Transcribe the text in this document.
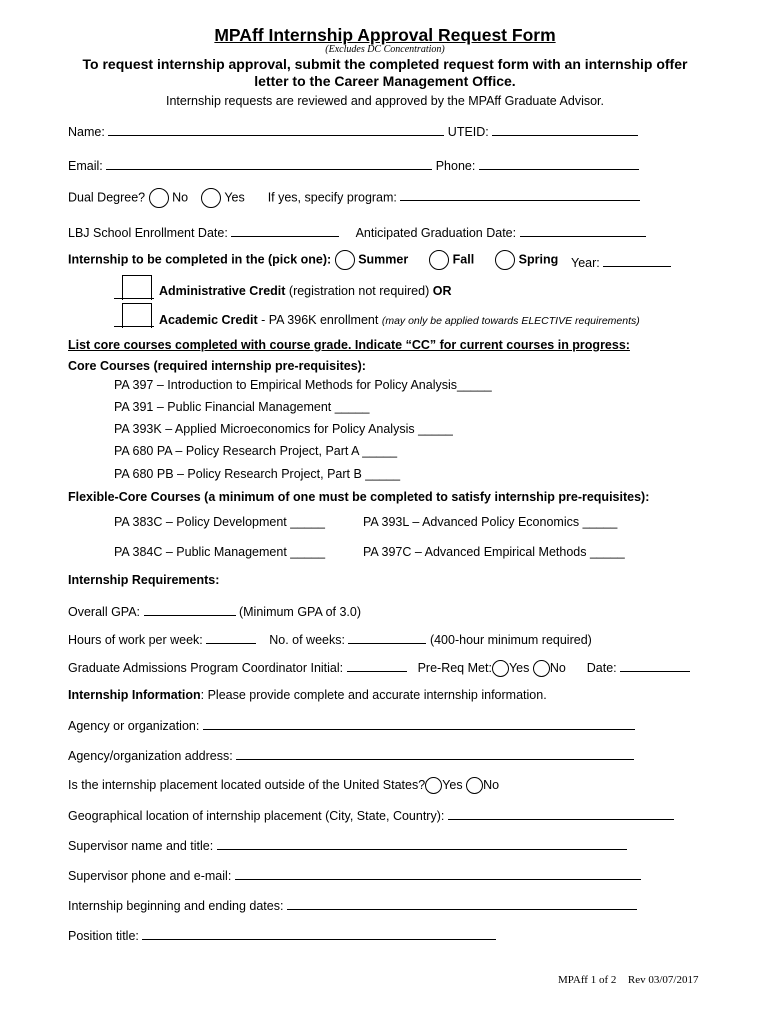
MPAff Internship Approval Request Form
(Excludes DC Concentration)
To request internship approval, submit the completed request form with an internship offer
letter to the Career Management Office.
Internship requests are reviewed and approved by the MPAff Graduate Advisor.
Name:	UTEID:
Email:	Phone:
Dual Degree? No	Yes If yes, specify program:
LBJ School Enrollment Date:	Anticipated Graduation Date:
Internship to be completed in the (pick one): Summer	Fall	Spring Year:
Administrative Credit (registration not required) OR
Academic Credit - PA 396K enrollment (may only be applied towards ELECTIVE requirements)
List core courses completed with course grade. Indicate “CC” for current courses in progress:
Core Courses (required internship pre-requisites):
PA 397 – Introduction to Empirical Methods for Policy Analysis_____
PA 391 – Public Financial Management _____
PA 393K – Applied Microeconomics for Policy Analysis _____
PA 680 PA – Policy Research Project, Part A _____
PA 680 PB – Policy Research Project, Part B _____
Flexible-Core Courses (a minimum of one must be completed to satisfy internship pre-requisites):
PA 383C – Policy Development _____	PA 393L – Advanced Policy Economics _____
PA 384C – Public Management _____	PA 397C – Advanced Empirical Methods _____
Internship Requirements:
Overall GPA:	(Minimum GPA of 3.0)
Hours of work per week:	No. of weeks:	(400-hour minimum required)
Graduate Admissions Program Coordinator Initial:	Pre-Req Met: Yes No Date:
Internship Information: Please provide complete and accurate internship information.
Agency or organization:
Agency/organization address:
Is the internship placement located outside of the United States? Yes No
Geographical location of internship placement (City, State, Country):
Supervisor name and title:
Supervisor phone and e-mail:
Internship beginning and ending dates:
Position title:
MPAff 1 of 2 Rev 03/07/2017
